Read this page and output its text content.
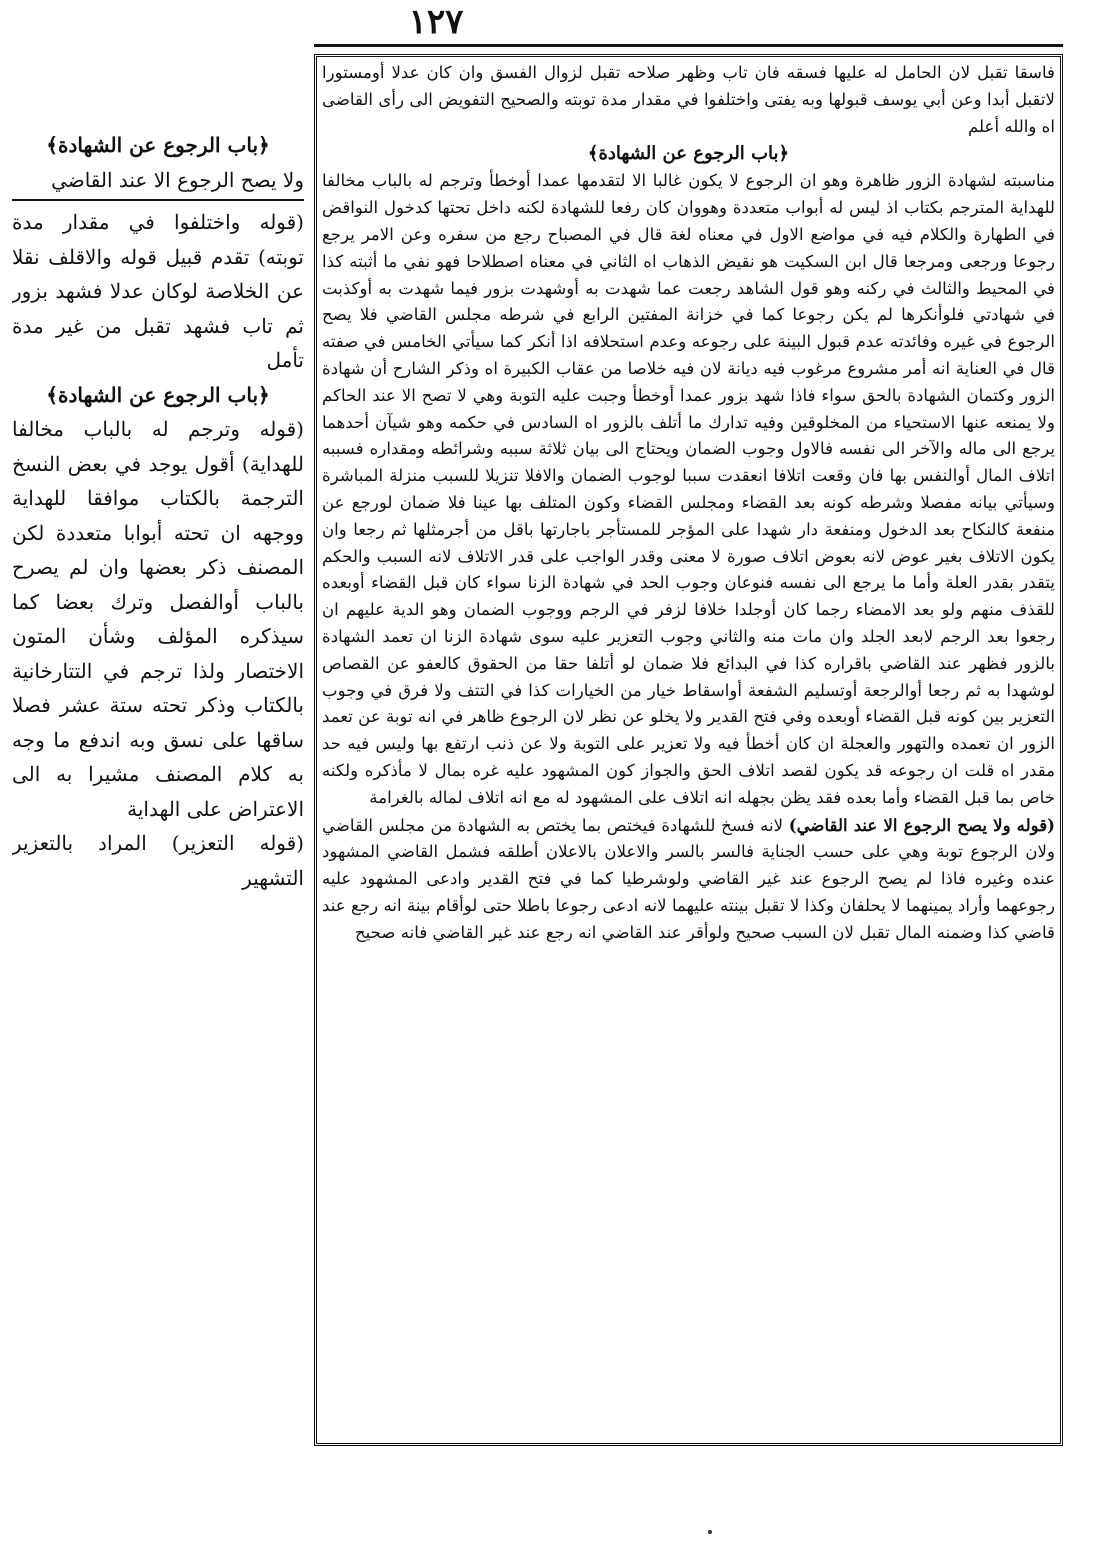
١٢٧

فاسقا تقبل لان الحامل له عليها فسقه فان تاب وظهر صلاحه تقبل لزوال الفسق وان كان عدلا أومستورا لاتقبل أبدا وعن أبي يوسف قبولها وبه يفتى واختلفوا في مقدار مدة توبته والصحيح التفويض الى رأى القاضى اه والله أعلم

﴿باب الرجوع عن الشهادة﴾

مناسبته لشهادة الزور ظاهرة وهو ان الرجوع لا يكون غالبا الا لتقدمها عمدا أوخطأ وترجم له بالباب مخالفا للهداية المترجم بكتاب اذ ليس له أبواب متعددة وهووان كان رفعا للشهادة لكنه داخل تحتها كدخول النواقض في الطهارة والكلام فيه في مواضع الاول في معناه لغة قال في المصباح رجع من سفره وعن الامر يرجع رجوعا ورجعى ومرجعا قال ابن السكيت هو نقيض الذهاب اه الثاني في معناه اصطلاحا فهو نفي ما أثبته كذا في المحيط والثالث في ركنه وهو قول الشاهد رجعت عما شهدت به أوشهدت بزور فيما شهدت به أوكذبت في شهادتي فلوأنكرها لم يكن رجوعا كما في خزانة المفتين الرابع في شرطه مجلس القاضي فلا يصح الرجوع في غيره وفائدته عدم قبول البينة على رجوعه وعدم استحلافه اذا أنكر كما سيأتي الخامس في صفته قال في العناية انه أمر مشروع مرغوب فيه ديانة لان فيه خلاصا من عقاب الكبيرة اه وذكر الشارح أن شهادة الزور وكتمان الشهادة بالحق سواء فاذا شهد بزور عمدا أوخطأ وجبت عليه التوبة وهي لا تصح الا عند الحاكم ولا يمنعه عنها الاستحياء من المخلوقين وفيه تدارك ما أتلف بالزور اه السادس في حكمه وهو شيآن أحدهما يرجع الى ماله والآخر الى نفسه فالاول وجوب الضمان ويحتاج الى بيان ثلاثة سببه وشرائطه ومقداره فسببه اتلاف المال أوالنفس بها فان وقعت اتلافا انعقدت سببا لوجوب الضمان والافلا تنزيلا للسبب منزلة المباشرة وسيأتي بيانه مفصلا وشرطه كونه بعد القضاء ومجلس القضاء وكون المتلف بها عينا فلا ضمان لورجع عن منفعة كالنكاح بعد الدخول ومنفعة دار شهدا على المؤجر للمستأجر باجارتها باقل من أجرمثلها ثم رجعا وان يكون الاتلاف بغير عوض لانه بعوض اتلاف صورة لا معنى وقدر الواجب على قدر الاتلاف لانه السبب والحكم يتقدر بقدر العلة وأما ما يرجع الى نفسه فنوعان وجوب الحد في شهادة الزنا سواء كان قبل القضاء أوبعده للقذف منهم ولو بعد الامضاء رجما كان أوجلدا خلافا لزفر في الرجم ووجوب الضمان وهو الدية عليهم ان رجعوا بعد الرجم لابعد الجلد وان مات منه والثاني وجوب التعزير عليه سوى شهادة الزنا ان تعمد الشهادة بالزور فظهر عند القاضي باقراره كذا في البدائع فلا ضمان لو أتلفا حقا من الحقوق كالعفو عن القصاص لوشهدا به ثم رجعا أوالرجعة أوتسليم الشفعة أواسقاط خيار من الخيارات كذا في التتف ولا فرق في وجوب التعزير بين كونه قبل القضاء أوبعده وفي فتح القدير ولا يخلو عن نظر لان الرجوع ظاهر في انه توبة عن تعمد الزور ان تعمده والتهور والعجلة ان كان أخطأ فيه ولا تعزير على التوبة ولا عن ذنب ارتفع بها وليس فيه حد مقدر اه قلت ان رجوعه قد يكون لقصد اتلاف الحق والجواز كون المشهود عليه غره بمال لا مأذكره ولكنه خاص بما قبل القضاء وأما بعده فقد يظن بجهله انه اتلاف على المشهود له مع انه اتلاف لماله بالغرامة

(قوله ولا يصح الرجوع الا عند القاضي) لانه فسخ للشهادة فيختص بما يختص به الشهادة من مجلس القاضي ولان الرجوع توبة وهي على حسب الجناية فالسر بالسر والاعلان بالاعلان أطلقه فشمل القاضي المشهود عنده وغيره فاذا لم يصح الرجوع عند غير القاضي ولوشرطيا كما في فتح القدير وادعى المشهود عليه رجوعهما وأراد يمينهما لا يحلفان وكذا لا تقبل بينته عليهما لانه ادعى رجوعا باطلا حتى لوأقام بينة انه رجع عند قاضي كذا وضمنه المال تقبل لان السبب صحيح ولوأقر عند القاضي انه رجع عند غير القاضي فانه صحيح

﴿باب الرجوع عن الشهادة﴾

ولا يصح الرجوع الا عند القاضي

(قوله واختلفوا في مقدار مدة توبته) تقدم قبيل قوله والاقلف نقلا عن الخلاصة لوكان عدلا فشهد بزور ثم تاب فشهد تقبل من غير مدة تأمل

﴿باب الرجوع عن الشهادة﴾

(قوله وترجم له بالباب مخالفا للهداية) أقول يوجد في بعض النسخ الترجمة بالكتاب موافقا للهداية ووجهه ان تحته أبوابا متعددة لكن المصنف ذكر بعضها وان لم يصرح بالباب أوالفصل وترك بعضا كما سيذكره المؤلف وشأن المتون الاختصار ولذا ترجم في التتارخانية بالكتاب وذكر تحته ستة عشر فصلا ساقها على نسق وبه اندفع ما وجه به كلام المصنف مشيرا به الى الاعتراض على الهداية

(قوله التعزير) المراد بالتعزير التشهير
